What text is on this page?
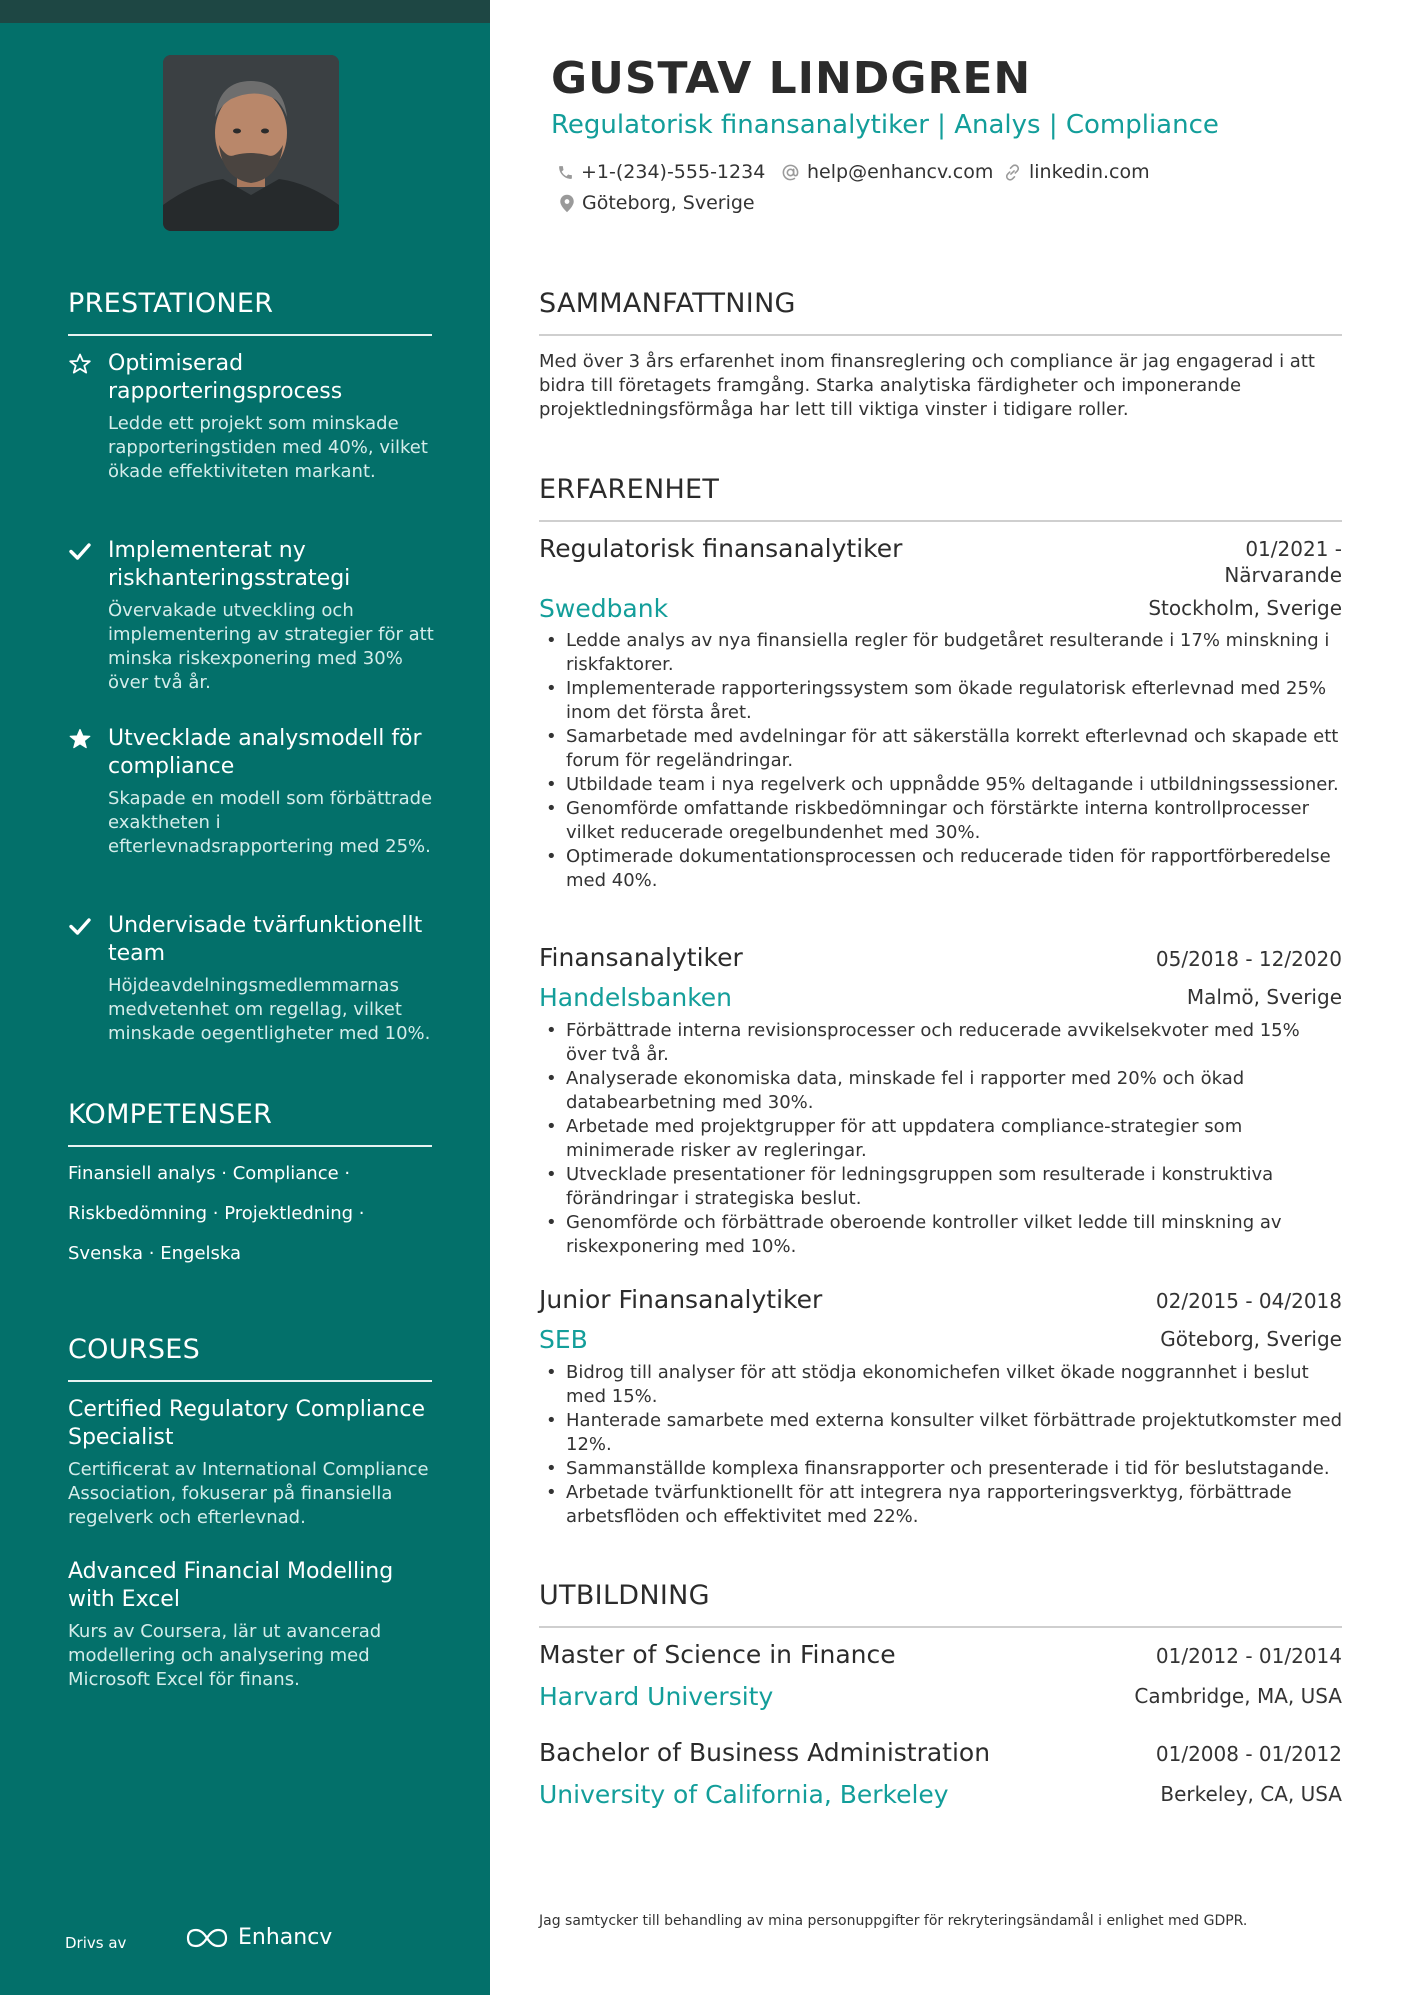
PRESTATIONER
Optimiserad rapporteringsprocess
Ledde ett projekt som minskade rapporteringstiden med 40%, vilket ökade effektiviteten markant.
Implementerat ny riskhanteringsstrategi
Övervakade utveckling och implementering av strategier för att minska riskexponering med 30% över två år.
Utvecklade analysmodell för compliance
Skapade en modell som förbättrade exaktheten i efterlevnadsrapportering med 25%.
Undervisade tvärfunktionellt team
Höjdeavdelningsmedlemmarnas medvetenhet om regellag, vilket minskade oegentligheter med 10%.
KOMPETENSER
Finansiell analys · Compliance ·
Riskbedömning · Projektledning ·
Svenska · Engelska
COURSES
Certified Regulatory Compliance Specialist
Certificerat av International Compliance Association, fokuserar på finansiella regelverk och efterlevnad.
Advanced Financial Modelling with Excel
Kurs av Coursera, lär ut avancerad modellering och analysering med Microsoft Excel för finans.
Drivs av	Enhancv
GUSTAV LINDGREN
Regulatorisk finansanalytiker | Analys | Compliance
+1-(234)-555-1234 help@enhancv.com linkedin.com
Göteborg, Sverige
SAMMANFATTNING
Med över 3 års erfarenhet inom finansreglering och compliance är jag engagerad i att bidra till företagets framgång. Starka analytiska färdigheter och imponerande projektledningsförmåga har lett till viktiga vinster i tidigare roller.
ERFARENHET
Regulatorisk finansanalytiker	01/2021 -
Närvarande
Swedbank	Stockholm, Sverige
• Ledde analys av nya finansiella regler för budgetåret resulterande i 17% minskning i riskfaktorer.
• Implementerade rapporteringssystem som ökade regulatorisk efterlevnad med 25% inom det första året.
• Samarbetade med avdelningar för att säkerställa korrekt efterlevnad och skapade ett forum för regeländringar.
• Utbildade team i nya regelverk och uppnådde 95% deltagande i utbildningssessioner.
• Genomförde omfattande riskbedömningar och förstärkte interna kontrollprocesser vilket reducerade oregelbundenhet med 30%.
• Optimerade dokumentationsprocessen och reducerade tiden för rapportförberedelse med 40%.
Finansanalytiker	05/2018 - 12/2020
Handelsbanken	Malmö, Sverige
• Förbättrade interna revisionsprocesser och reducerade avvikelsekvoter med 15% över två år.
• Analyserade ekonomiska data, minskade fel i rapporter med 20% och ökad databearbetning med 30%.
• Arbetade med projektgrupper för att uppdatera compliance-strategier som minimerade risker av regleringar.
• Utvecklade presentationer för ledningsgruppen som resulterade i konstruktiva förändringar i strategiska beslut.
• Genomförde och förbättrade oberoende kontroller vilket ledde till minskning av riskexponering med 10%.
Junior Finansanalytiker	02/2015 - 04/2018
SEB	Göteborg, Sverige
• Bidrog till analyser för att stödja ekonomichefen vilket ökade noggrannhet i beslut med 15%.
• Hanterade samarbete med externa konsulter vilket förbättrade projektutkomster med 12%.
• Sammanställde komplexa finansrapporter och presenterade i tid för beslutstagande.
• Arbetade tvärfunktionellt för att integrera nya rapporteringsverktyg, förbättrade arbetsflöden och effektivitet med 22%.
UTBILDNING
Master of Science in Finance	01/2012 - 01/2014
Harvard University	Cambridge, MA, USA
Bachelor of Business Administration	01/2008 - 01/2012
University of California, Berkeley	Berkeley, CA, USA
Jag samtycker till behandling av mina personuppgifter för rekryteringsändamål i enlighet med GDPR.
